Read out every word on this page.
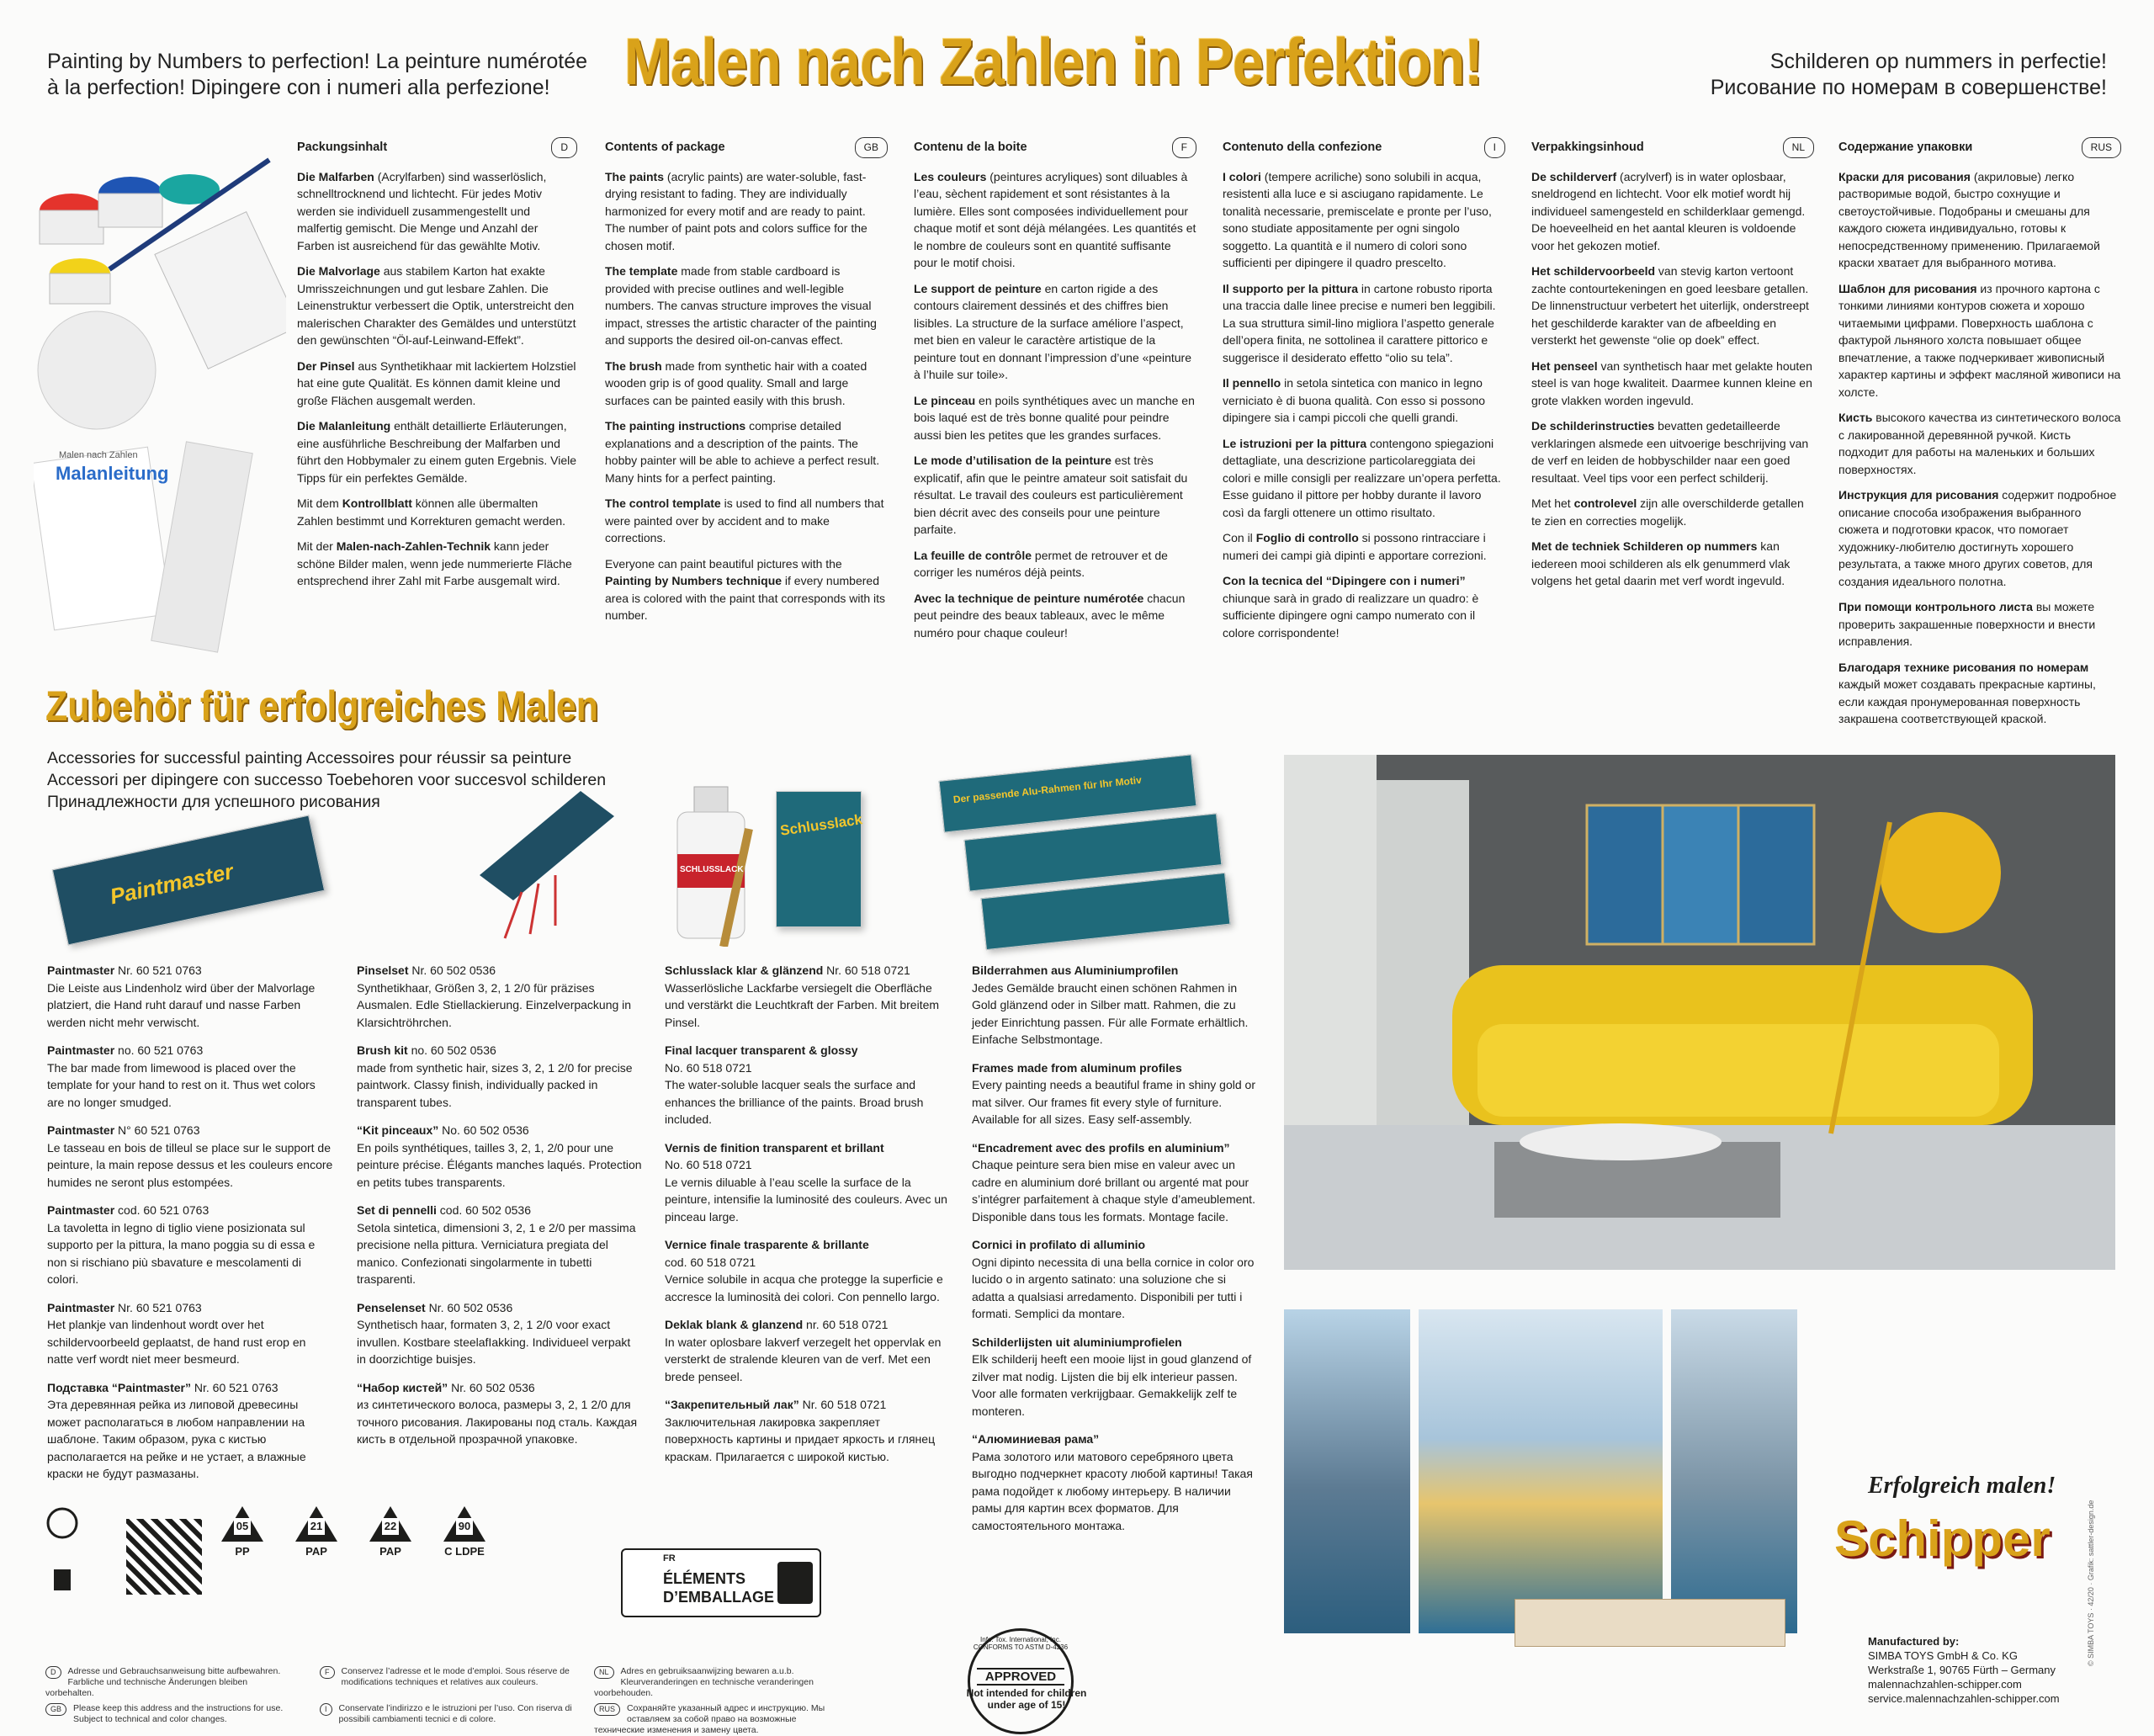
Painting by Numbers to perfection! La peinture numérotée
à la perfection! Dipingere con i numeri alla perfezione!
Schilderen op nummers in perfectie!
Рисование по номерам в совершенстве!
Malen nach Zahlen in Perfektion!
Malen nach Zahlen
Malanleitung
Packungsinhalt	D

Die Malfarben (Acrylfarben) sind wasserlöslich, schnelltrocknend und lichtecht. Für jedes Motiv werden sie individuell zusammengestellt und malfertig gemischt. Die Menge und Anzahl der Farben ist ausreichend für das gewählte Motiv.

Die Malvorlage aus stabilem Karton hat exakte Umrisszeichnungen und gut lesbare Zahlen. Die Leinenstruktur verbessert die Optik, unterstreicht den malerischen Charakter des Gemäldes und unterstützt den gewünschten “Öl-auf-Leinwand-Effekt”.

Der Pinsel aus Synthetikhaar mit lackiertem Holzstiel hat eine gute Qualität. Es können damit kleine und große Flächen ausgemalt werden.

Die Malanleitung enthält detaillierte Erläuterungen, eine ausführliche Beschreibung der Malfarben und führt den Hobbymaler zu einem guten Ergebnis. Viele Tipps für ein perfektes Gemälde.

Mit dem Kontrollblatt können alle übermalten Zahlen bestimmt und Korrekturen gemacht werden.

Mit der Malen-nach-Zahlen-Technik kann jeder schöne Bilder malen, wenn jede nummerierte Fläche entsprechend ihrer Zahl mit Farbe ausgemalt wird.

Contents of package	GB

The paints (acrylic paints) are water-soluble, fast-drying resistant to fading. They are individually harmonized for every motif and are ready to paint. The number of paint pots and colors suffice for the chosen motif.

The template made from stable cardboard is provided with precise outlines and well-legible numbers. The canvas structure improves the visual impact, stresses the artistic character of the painting and supports the desired oil-on-canvas effect.

The brush made from synthetic hair with a coated wooden grip is of good quality. Small and large surfaces can be painted easily with this brush.

The painting instructions comprise detailed explanations and a description of the paints. The hobby painter will be able to achieve a perfect result. Many hints for a perfect painting.

The control template is used to find all numbers that were painted over by accident and to make corrections.

Everyone can paint beautiful pictures with the Painting by Numbers technique if every numbered area is colored with the paint that corresponds with its number.

Contenu de la boite	F

Les couleurs (peintures acryliques) sont diluables à l’eau, sèchent rapidement et sont résistantes à la lumière. Elles sont composées individuellement pour chaque motif et sont déjà mélangées. Les quantités et le nombre de couleurs sont en quantité suffisante pour le motif choisi.

Le support de peinture en carton rigide a des contours clairement dessinés et des chiffres bien lisibles. La structure de la surface améliore l’aspect, met bien en valeur le caractère artistique de la peinture tout en donnant l’impression d’une «peinture à l’huile sur toile».

Le pinceau en poils synthétiques avec un manche en bois laqué est de très bonne qualité pour peindre aussi bien les petites que les grandes surfaces.

Le mode d’utilisation de la peinture est très explicatif, afin que le peintre amateur soit satisfait du résultat. Le travail des couleurs est particulièrement bien décrit avec des conseils pour une peinture parfaite.

La feuille de contrôle permet de retrouver et de corriger les numéros déjà peints.

Avec la technique de peinture numérotée chacun peut peindre des beaux tableaux, avec le même numéro pour chaque couleur!

Contenuto della confezione	I

I colori (tempere acriliche) sono solubili in acqua, resistenti alla luce e si asciugano rapidamente. Le tonalità necessarie, premiscelate e pronte per l’uso, sono studiate appositamente per ogni singolo soggetto. La quantità e il numero di colori sono sufficienti per dipingere il quadro prescelto.

Il supporto per la pittura in cartone robusto riporta una traccia dalle linee precise e numeri ben leggibili. La sua struttura simil-lino migliora l’aspetto generale dell’opera finita, ne sottolinea il carattere pittorico e suggerisce il desiderato effetto “olio su tela”.

Il pennello in setola sintetica con manico in legno verniciato è di buona qualità. Con esso si possono dipingere sia i campi piccoli che quelli grandi.

Le istruzioni per la pittura contengono spiegazioni dettagliate, una descrizione particolareggiata dei colori e mille consigli per realizzare un’opera perfetta. Esse guidano il pittore per hobby durante il lavoro così da fargli ottenere un ottimo risultato.

Con il Foglio di controllo si possono rintracciare i numeri dei campi già dipinti e apportare correzioni.

Con la tecnica del “Dipingere con i numeri” chiunque sarà in grado di realizzare un quadro: è sufficiente dipingere ogni campo numerato con il colore corrispondente!

Verpakkingsinhoud	NL

De schilderverf (acrylverf) is in water oplosbaar, sneldrogend en lichtecht. Voor elk motief wordt hij individueel samengesteld en schilderklaar gemengd. De hoeveelheid en het aantal kleuren is voldoende voor het gekozen motief.

Het schildervoorbeeld van stevig karton vertoont zachte contourtekeningen en goed leesbare getallen. De linnenstructuur verbetert het uiterlijk, onderstreept het geschilderde karakter van de afbeelding en versterkt het gewenste “olie op doek” effect.

Het penseel van synthetisch haar met gelakte houten steel is van hoge kwaliteit. Daarmee kunnen kleine en grote vlakken worden ingevuld.

De schilderinstructies bevatten gedetailleerde verklaringen alsmede een uitvoerige beschrijving van de verf en leiden de hobbyschilder naar een goed resultaat. Veel tips voor een perfect schilderij.

Met het controlevel zijn alle overschilderde getallen te zien en correcties mogelijk.

Met de techniek Schilderen op nummers kan iedereen mooi schilderen als elk genummerd vlak volgens het getal daarin met verf wordt ingevuld.

Содержание упаковки	RUS

Краски для рисования (акриловые) легко растворимые водой, быстро сохнущие и светоустойчивые. Подобраны и смешаны для каждого сюжета индивидуально, готовы к непосредственному применению. Прилагаемой краски хватает для выбранного мотива.

Шаблон для рисования из прочного картона с тонкими линиями контуров сюжета и хорошо читаемыми цифрами. Поверхность шаблона с фактурой льняного холста повышает общее впечатление, а также подчеркивает живописный характер картины и эффект масляной живописи на холсте.

Кисть высокого качества из синтетического волоса с лакированной деревянной ручкой. Кисть подходит для работы на маленьких и больших поверхностях.

Инструкция для рисования содержит подробное описание способа изображения выбранного сюжета и подготовки красок, что помогает художнику-любителю достигнуть хорошего результата, а также много других советов, для создания идеального полотна.

При помощи контрольного листа вы можете проверить закрашенные поверхности и внести исправления.

Благодаря технике рисования по номерам каждый может создавать прекрасные картины, если каждая пронумерованная поверхность закрашена соответствующей краской.

Zubehör für erfolgreiches Malen
Accessories for successful painting Accessoires pour réussir sa peinture
Accessori per dipingere con successo Toebehoren voor succesvol schilderen
Принадлежности для успешного рисования
Paintmaster	SCHLUSSLACK
Schlusslack
Der passende Alu-Rahmen für Ihr Motiv

Paintmaster Nr. 60 521 0763
Die Leiste aus Lindenholz wird über der Malvorlage platziert, die Hand ruht darauf und nasse Farben werden nicht mehr verwischt.

Paintmaster no. 60 521 0763
The bar made from limewood is placed over the template for your hand to rest on it. Thus wet colors are no longer smudged.

Paintmaster N° 60 521 0763
Le tasseau en bois de tilleul se place sur le support de peinture, la main repose dessus et les couleurs encore humides ne seront plus estompées.

Paintmaster cod. 60 521 0763
La tavoletta in legno di tiglio viene posizionata sul supporto per la pittura, la mano poggia su di essa e non si rischiano più sbavature e mescolamenti di colori.

Paintmaster Nr. 60 521 0763
Het plankje van lindenhout wordt over het schildervoorbeeld geplaatst, de hand rust erop en natte verf wordt niet meer besmeurd.

Подставка “Paintmaster” Nr. 60 521 0763
Эта деревянная рейка из липовой древесины может располагаться в любом направлении на шаблоне. Таким образом, рука с кистью располагается на рейке и не устает, а влажные краски не будут размазаны.

Pinselset Nr. 60 502 0536
Synthetikhaar, Größen 3, 2, 1 2/0 für präzises Ausmalen. Edle Stiellackierung. Einzelverpackung in Klarsichtröhrchen.

Brush kit no. 60 502 0536
made from synthetic hair, sizes 3, 2, 1 2/0 for precise paintwork. Classy finish, individually packed in transparent tubes.

“Kit pinceaux” No. 60 502 0536
En poils synthétiques, tailles 3, 2, 1, 2/0 pour une peinture précise. Élégants manches laqués. Protection en petits tubes transparents.

Set di pennelli cod. 60 502 0536
Setola sintetica, dimensioni 3, 2, 1 e 2/0 per massima precisione nella pittura. Verniciatura pregiata del manico. Confezionati singolarmente in tubetti trasparenti.

Penselenset Nr. 60 502 0536
Synthetisch haar, formaten 3, 2, 1 2/0 voor exact invullen. Kostbare steelafIakking. Individueel verpakt in doorzichtige buisjes.

“Набор кистей” Nr. 60 502 0536
из синтетического волоса, размеры 3, 2, 1 2/0 для точного рисования. Лакированы под сталь. Каждая кисть в отдельной прозрачной упаковке.

Schlusslack klar & glänzend Nr. 60 518 0721
Wasserlösliche Lackfarbe versiegelt die Oberfläche und verstärkt die Leuchtkraft der Farben. Mit breitem Pinsel.

Final lacquer transparent & glossy
No. 60 518 0721
The water-soluble lacquer seals the surface and enhances the brilliance of the paints. Broad brush included.

Vernis de finition transparent et brillant
No. 60 518 0721
Le vernis diluable à l’eau scelle la surface de la peinture, intensifie la luminosité des couleurs. Avec un pinceau large.

Vernice finale trasparente & brillante
cod. 60 518 0721
Vernice solubile in acqua che protegge la superficie e accresce la luminosità dei colori. Con pennello largo.

Deklak blank & glanzend nr. 60 518 0721
In water oplosbare lakverf verzegelt het oppervlak en versterkt de stralende kleuren van de verf. Met een brede penseel.

“Закрепительный лак” Nr. 60 518 0721
Заключительная лакировка закрепляет поверхность картины и придает яркость и глянец краскам. Прилагается с широкой кистью.

Bilderrahmen aus Aluminiumprofilen
Jedes Gemälde braucht einen schönen Rahmen in Gold glänzend oder in Silber matt. Rahmen, die zu jeder Einrichtung passen. Für alle Formate erhältlich. Einfache Selbstmontage.

Frames made from aluminum profiles
Every painting needs a beautiful frame in shiny gold or mat silver. Our frames fit every style of furniture. Available for all sizes. Easy self-assembly.

“Encadrement avec des profils en aluminium”
Chaque peinture sera bien mise en valeur avec un cadre en aluminium doré brillant ou argenté mat pour s’intégrer parfaitement à chaque style d’ameublement. Disponible dans tous les formats. Montage facile.

Cornici in profilato di alluminio
Ogni dipinto necessita di una bella cornice in color oro lucido o in argento satinato: una soluzione che si adatta a qualsiasi arredamento. Disponibili per tutti i formati. Semplici da montare.

Schilderlijsten uit aluminiumprofielen
Elk schilderij heeft een mooie lijst in goud glanzend of zilver mat nodig. Lijsten die bij elk interieur passen. Voor alle formaten verkrijgbaar. Gemakkelijk zelf te monteren.

“Алюминиевая рама”
Рама золотого или матового серебряного цвета выгодно подчеркнет красоту любой картины! Такая рама подойдет к любому интерьеру. В наличии рамы для картин всех форматов. Для самостоятельного монтажа.

05
PP
21
PAP
22
PAP
90
C LDPE
FR
ÉLÉMENTS
D’EMBALLAGE
Info. Tox. International, Inc. CONFORMS TO ASTM D-4236
APPROVED
Not intended for children
under age of 15!
D	Adresse und Gebrauchsanweisung bitte aufbewahren. Farbliche und technische Änderungen bleiben vorbehalten.
GB	Please keep this address and the instructions for use. Subject to technical and color changes.
F	Conservez l’adresse et le mode d’emploi. Sous réserve de modifications techniques et relatives aux couleurs.
I	Conservate l’indirizzo e le istruzioni per l’uso. Con riserva di possibili cambiamenti tecnici e di colore.
NL	Adres en gebruiksaanwijzing bewaren a.u.b. Kleurveranderingen en technische veranderingen voorbehouden.
RUS	Сохраняйте указанный адрес и инструкцию. Мы оставляем за собой право на возможные технические изменения и замену цвета.
Erfolgreich malen!
Schipper
Manufactured by:
SIMBA TOYS GmbH & Co. KG
Werkstraße 1, 90765 Fürth – Germany
malennachzahlen-schipper.com
service.malennachzahlen-schipper.com
© SIMBA TOYS · 42/20 · Grafik: sattler-design.de
